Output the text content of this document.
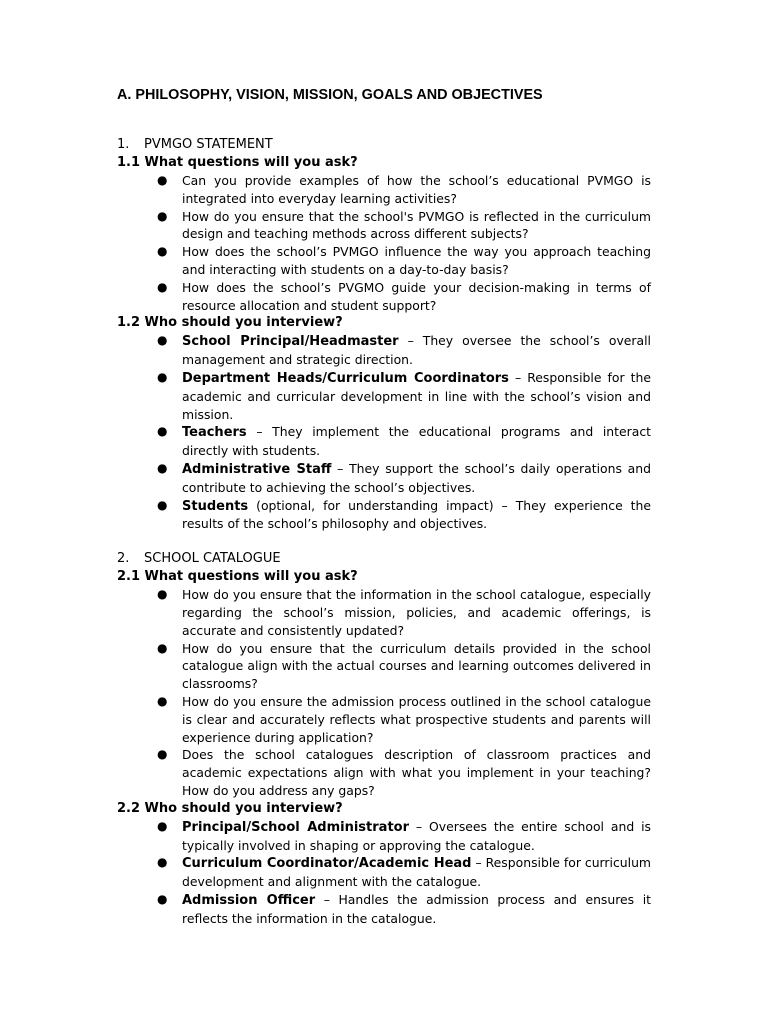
A. PHILOSOPHY, VISION, MISSION, GOALS AND OBJECTIVES
1.	PVMGO STATEMENT
1.1 What questions will you ask?
● Can you provide examples of how the school’s educational PVMGO is integrated into everyday learning activities?
● How do you ensure that the school's PVMGO is reflected in the curriculum design and teaching methods across different subjects?
● How does the school’s PVMGO influence the way you approach teaching and interacting with students on a day-to-day basis?
● How does the school’s PVGMO guide your decision-making in terms of resource allocation and student support?
1.2 Who should you interview?
● School Principal/Headmaster – They oversee the school’s overall management and strategic direction.
● Department Heads/Curriculum Coordinators – Responsible for the academic and curricular development in line with the school’s vision and mission.
● Teachers – They implement the educational programs and interact directly with students.
● Administrative Staff – They support the school’s daily operations and contribute to achieving the school’s objectives.
● Students (optional, for understanding impact) – They experience the results of the school’s philosophy and objectives.
2.	SCHOOL CATALOGUE
2.1 What questions will you ask?
● How do you ensure that the information in the school catalogue, especially regarding the school’s mission, policies, and academic offerings, is accurate and consistently updated?
● How do you ensure that the curriculum details provided in the school catalogue align with the actual courses and learning outcomes delivered in classrooms?
● How do you ensure the admission process outlined in the school catalogue is clear and accurately reflects what prospective students and parents will experience during application?
● Does the school catalogues description of classroom practices and academic expectations align with what you implement in your teaching? How do you address any gaps?
2.2 Who should you interview?
● Principal/School Administrator – Oversees the entire school and is typically involved in shaping or approving the catalogue.
● Curriculum Coordinator/Academic Head – Responsible for curriculum development and alignment with the catalogue.
● Admission Officer – Handles the admission process and ensures it reflects the information in the catalogue.
